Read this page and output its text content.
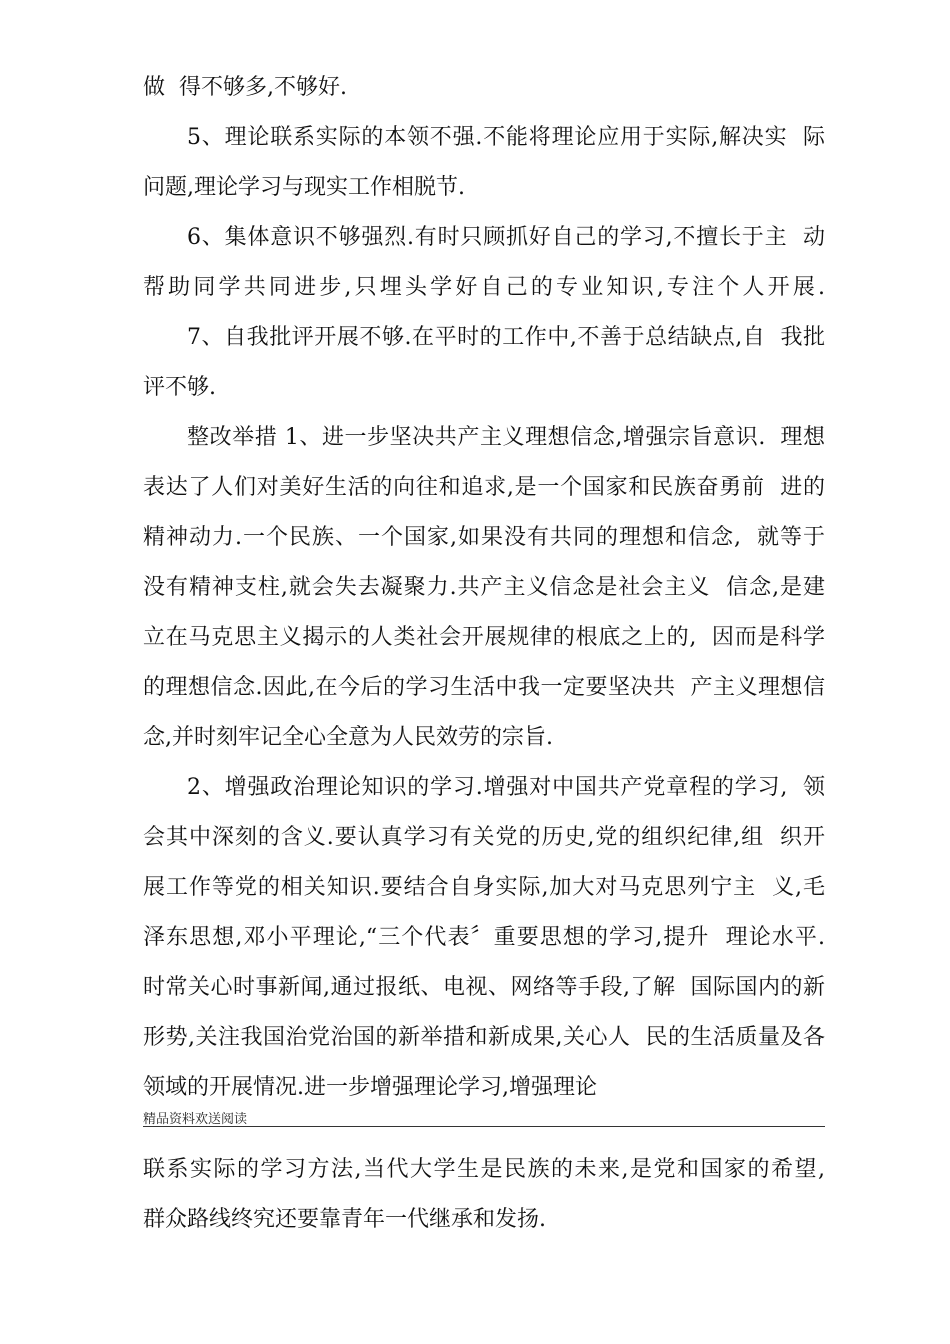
做  得不够多,不够好.
5、理论联系实际的本领不强.不能将理论应用于实际,解决实  际
问题,理论学习与现实工作相脱节.
6、集体意识不够强烈.有时只顾抓好自己的学习,不擅长于主  动
帮助同学共同进步,只埋头学好自己的专业知识,专注个人开展.
7、自我批评开展不够.在平时的工作中,不善于总结缺点,自  我批
评不够.
整改举措 1、进一步坚决共产主义理想信念,增强宗旨意识.  理想
表达了人们对美好生活的向往和追求,是一个国家和民族奋勇前  进的
精神动力.一个民族、一个国家,如果没有共同的理想和信念,  就等于
没有精神支柱,就会失去凝聚力.共产主义信念是社会主义  信念,是建
立在马克思主义揭示的人类社会开展规律的根底之上的,  因而是科学
的理想信念.因此,在今后的学习生活中我一定要坚决共  产主义理想信
念,并时刻牢记全心全意为人民效劳的宗旨.
2、增强政治理论知识的学习.增强对中国共产党章程的学习,  领
会其中深刻的含义.要认真学习有关党的历史,党的组织纪律,组  织开
展工作等党的相关知识.要结合自身实际,加大对马克思列宁主  义,毛
泽东思想,邓小平理论,“三个代表〞重要思想的学习,提升  理论水平.
时常关心时事新闻,通过报纸、电视、网络等手段,了解  国际国内的新
形势,关注我国治党治国的新举措和新成果,关心人  民的生活质量及各
领域的开展情况.进一步增强理论学习,增强理论
精品资料欢送阅读
联系实际的学习方法,当代大学生是民族的未来,是党和国家的希望,
群众路线终究还要靠青年一代继承和发扬.
